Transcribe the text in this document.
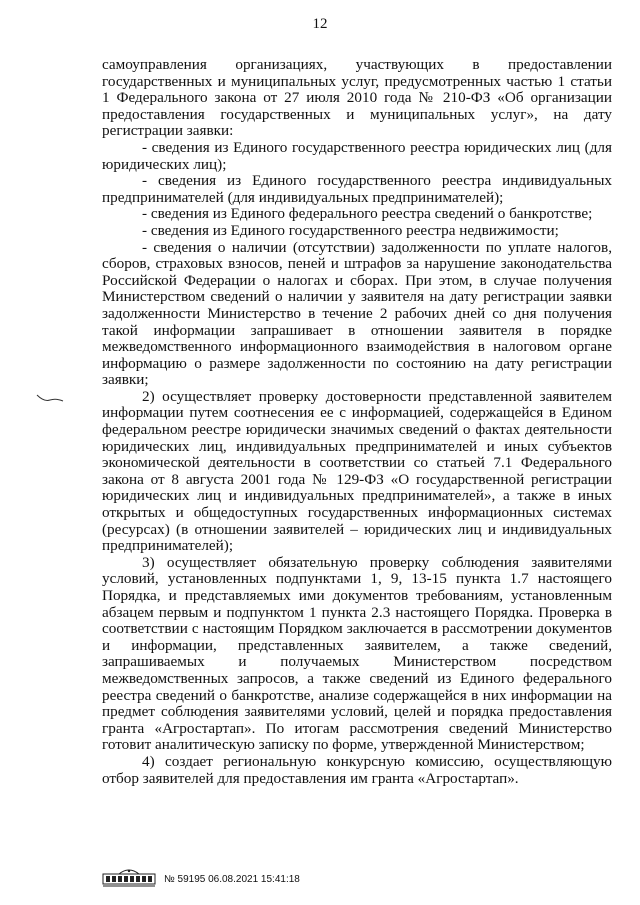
12

самоуправления организациях, участвующих в предоставлении государственных и муниципальных услуг, предусмотренных частью 1 статьи 1 Федерального закона от 27 июля 2010 года № 210-ФЗ «Об организации предоставления государственных и муниципальных услуг», на дату регистрации заявки:

- сведения из Единого государственного реестра юридических лиц (для юридических лиц);

- сведения из Единого государственного реестра индивидуальных предпринимателей (для индивидуальных предпринимателей);

- сведения из Единого федерального реестра сведений о банкротстве;

- сведения из Единого государственного реестра недвижимости;

- сведения о наличии (отсутствии) задолженности по уплате налогов, сборов, страховых взносов, пеней и штрафов за нарушение законодательства Российской Федерации о налогах и сборах. При этом, в случае получения Министерством сведений о наличии у заявителя на дату регистрации заявки задолженности Министерство в течение 2 рабочих дней со дня получения такой информации запрашивает в отношении заявителя в порядке межведомственного информационного взаимодействия в налоговом органе информацию о размере задолженности по состоянию на дату регистрации заявки;

2) осуществляет проверку достоверности представленной заявителем информации путем соотнесения ее с информацией, содержащейся в Едином федеральном реестре юридически значимых сведений о фактах деятельности юридических лиц, индивидуальных предпринимателей и иных субъектов экономической деятельности в соответствии со статьей 7.1 Федерального закона от 8 августа 2001 года № 129-ФЗ «О государственной регистрации юридических лиц и индивидуальных предпринимателей», а также в иных открытых и общедоступных государственных информационных системах (ресурсах) (в отношении заявителей – юридических лиц и индивидуальных предпринимателей);

3) осуществляет обязательную проверку соблюдения заявителями условий, установленных подпунктами 1, 9, 13-15 пункта 1.7 настоящего Порядка, и представляемых ими документов требованиям, установленным абзацем первым и подпунктом 1 пункта 2.3 настоящего Порядка. Проверка в соответствии с настоящим Порядком заключается в рассмотрении документов и информации, представленных заявителем, а также сведений, запрашиваемых и получаемых Министерством посредством межведомственных запросов, а также сведений из Единого федерального реестра сведений о банкротстве, анализе содержащейся в них информации на предмет соблюдения заявителями условий, целей и порядка предоставления гранта «Агростартап». По итогам рассмотрения сведений Министерство готовит аналитическую записку по форме, утвержденной Министерством;

4) создает региональную конкурсную комиссию, осуществляющую отбор заявителей для предоставления им гранта «Агростартап».

№ 59195 06.08.2021 15:41:18
